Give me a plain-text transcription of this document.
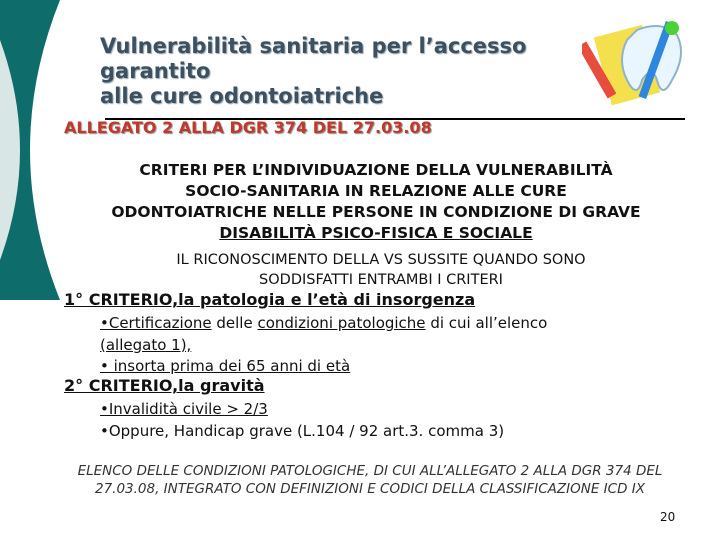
Vulnerabilità sanitaria per l’accesso garantito
alle cure odontoiatriche
ALLEGATO 2 ALLA DGR 374 DEL 27.03.08
CRITERI PER L’INDIVIDUAZIONE DELLA VULNERABILITÀ
SOCIO-SANITARIA IN RELAZIONE ALLE CURE
ODONTOIATRICHE NELLE PERSONE IN CONDIZIONE DI GRAVE
DISABILITÀ PSICO-FISICA E SOCIALE
IL RICONOSCIMENTO DELLA VS SUSSITE QUANDO SONO
SODDISFATTI ENTRAMBI I CRITERI
1° CRITERIO,la patologia e l’età di insorgenza
•Certificazione delle condizioni patologiche di cui all’elenco
(allegato 1),
• insorta prima dei 65 anni di età
2° CRITERIO,la gravità
•Invalidità civile > 2/3
•Oppure, Handicap grave (L.104 / 92 art.3. comma 3)
ELENCO DELLE CONDIZIONI PATOLOGICHE, DI CUI ALL’ALLEGATO 2 ALLA DGR 374 DEL
27.03.08, INTEGRATO CON DEFINIZIONI E CODICI DELLA CLASSIFICAZIONE ICD IX
20
